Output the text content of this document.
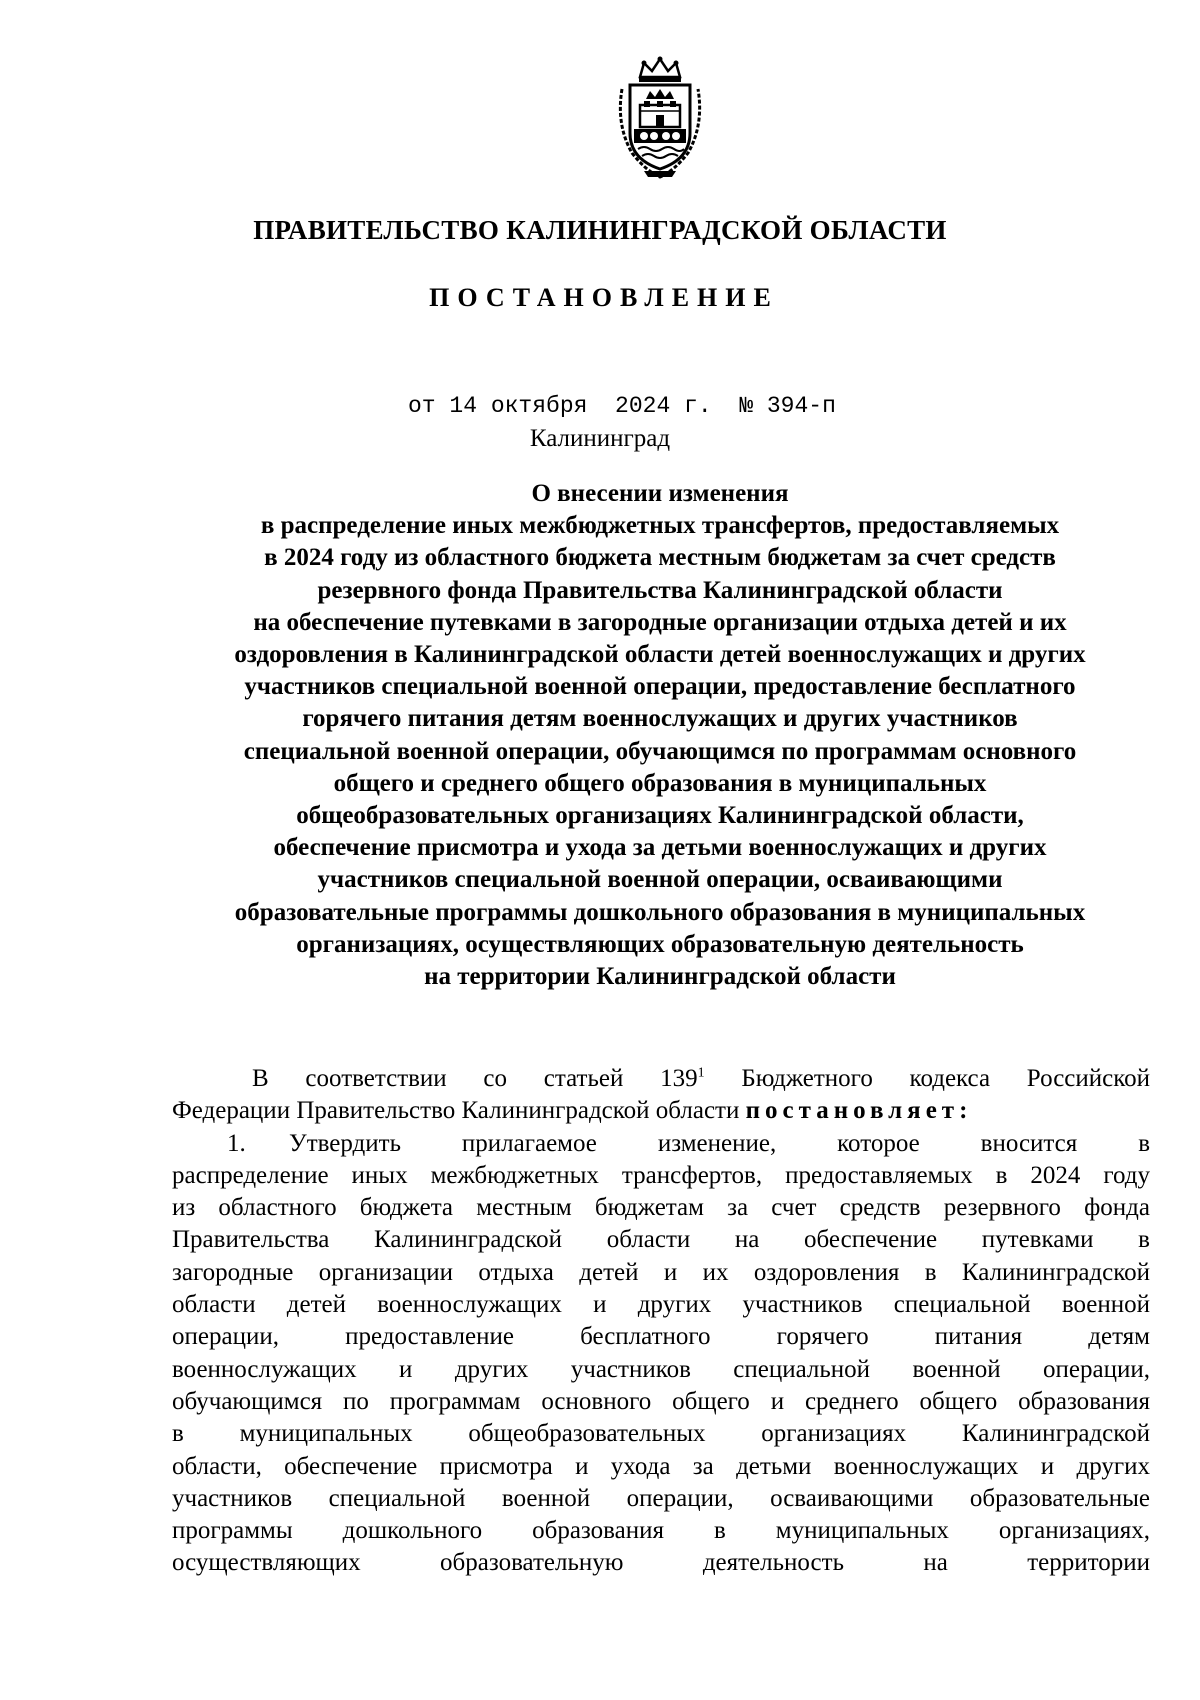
ПРАВИТЕЛЬСТВО КАЛИНИНГРАДСКОЙ ОБЛАСТИ
ПОСТАНОВЛЕНИЕ
от 14 октября  2024 г.  № 394-п
Калининград
О внесении изменения
в распределение иных межбюджетных трансфертов, предоставляемых
в 2024 году из областного бюджета местным бюджетам за счет средств
резервного фонда Правительства Калининградской области
на обеспечение путевками в загородные организации отдыха детей и их
оздоровления в Калининградской области детей военнослужащих и других
участников специальной военной операции, предоставление бесплатного
горячего питания детям военнослужащих и других участников
специальной военной операции, обучающимся по программам основного
общего и среднего общего образования в муниципальных
общеобразовательных организациях Калининградской области,
обеспечение присмотра и ухода за детьми военнослужащих и других
участников специальной военной операции, осваивающими
образовательные программы дошкольного образования в муниципальных
организациях, осуществляющих образовательную деятельность
на территории Калининградской области
В соответствии со статьей $139^1$ Бюджетного кодекса Российской
Федерации Правительство Калининградской области постановляет:
1. Утвердить прилагаемое изменение, которое вносится в
распределение иных межбюджетных трансфертов, предоставляемых в 2024 году
из областного бюджета местным бюджетам за счет средств резервного фонда
Правительства Калининградской области на обеспечение путевками в
загородные организации отдыха детей и их оздоровления в Калининградской
области детей военнослужащих и других участников специальной военной
операции, предоставление бесплатного горячего питания детям
военнослужащих и других участников специальной военной операции,
обучающимся по программам основного общего и среднего общего образования
в муниципальных общеобразовательных организациях Калининградской
области, обеспечение присмотра и ухода за детьми военнослужащих и других
участников специальной военной операции, осваивающими образовательные
программы дошкольного образования в муниципальных организациях,
осуществляющих образовательную деятельность на территории
